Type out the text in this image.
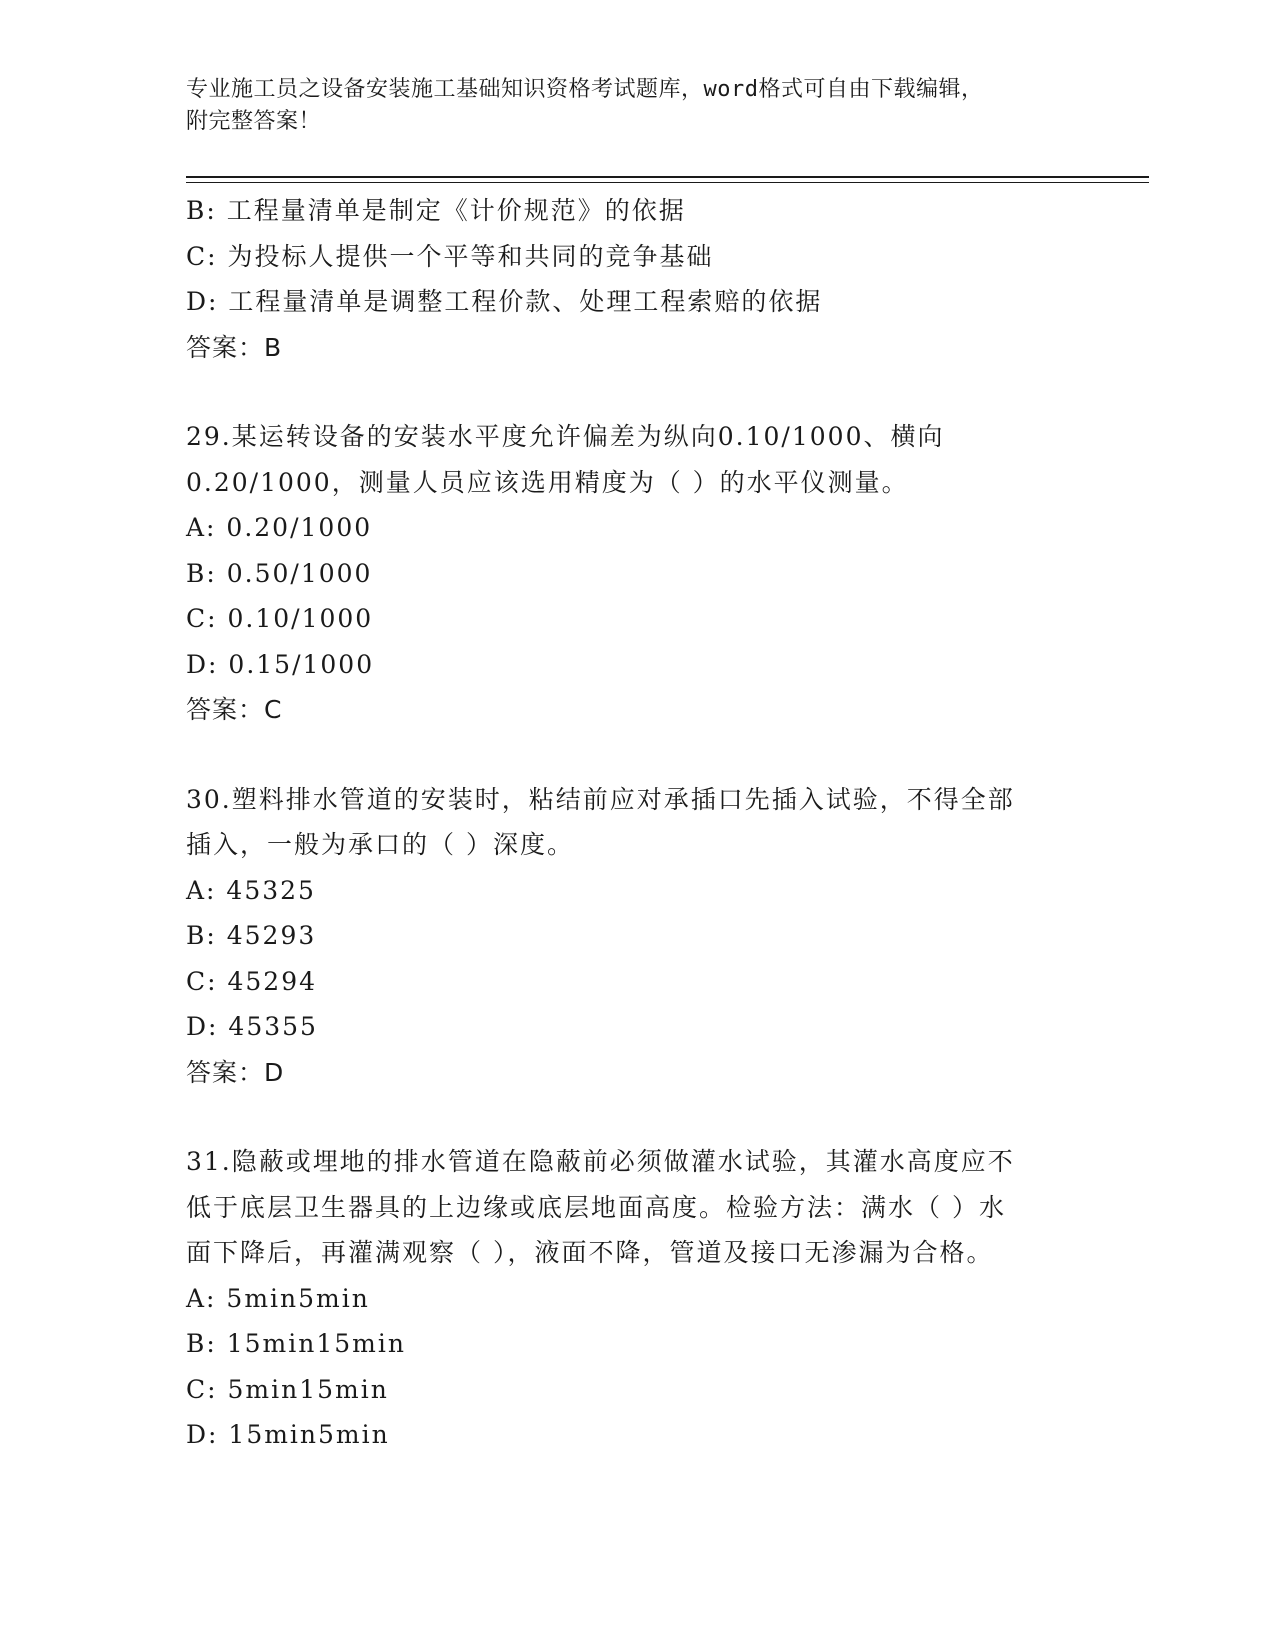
专业施工员之设备安装施工基础知识资格考试题库，word格式可自由下载编辑，
附完整答案！
B: 工程量清单是制定《计价规范》的依据
C: 为投标人提供一个平等和共同的竞争基础
D: 工程量清单是调整工程价款、处理工程索赔的依据
答案：B
29.某运转设备的安装水平度允许偏差为纵向0.10/1000、横向
0.20/1000，测量人员应该选用精度为（ ）的水平仪测量。
A: 0.20/1000
B: 0.50/1000
C: 0.10/1000
D: 0.15/1000
答案：C
30.塑料排水管道的安装时，粘结前应对承插口先插入试验，不得全部
插入，一般为承口的（ ）深度。
A: 45325
B: 45293
C: 45294
D: 45355
答案：D
31.隐蔽或埋地的排水管道在隐蔽前必须做灌水试验，其灌水高度应不
低于底层卫生器具的上边缘或底层地面高度。检验方法：满水（ ）水
面下降后，再灌满观察（ ），液面不降，管道及接口无渗漏为合格。
A: 5min5min
B: 15min15min
C: 5min15min
D: 15min5min
